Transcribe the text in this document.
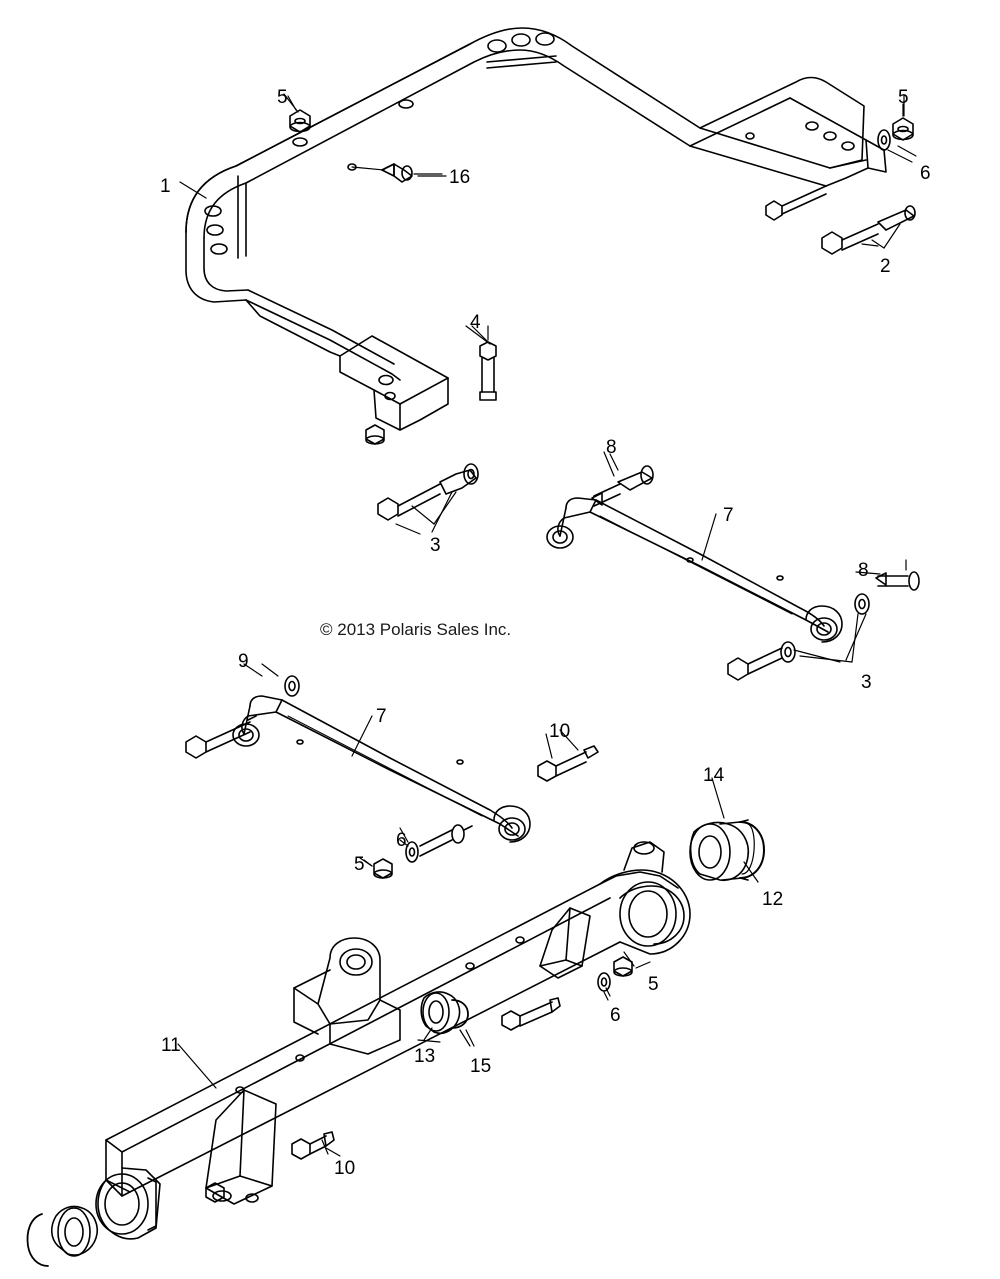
© 2013 Polaris Sales Inc.
5	5
6
1	16
2
4
3
8
7
8
3
9
7
10
6
5
14
12
5
6
11
13 15
10
